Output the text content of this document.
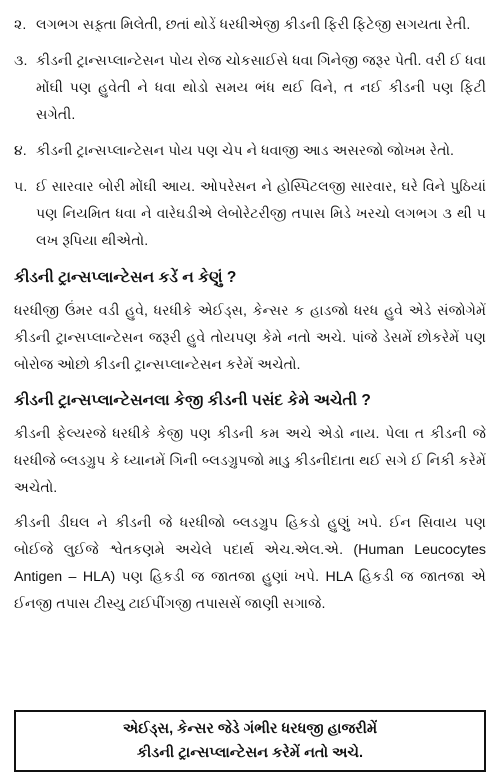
૨. લગભગ સફ઼્તા મિલેતી, છતાં થોડેં ધરધીએજી કીડની ફિરી ફિટેજી સગયતા રેતી.
૩. કીડની ટ્રાન્સપ્લાન્ટેસન પોય રોજ ચોકસાઈસે ધવા ગિનેજી જરૂર પેતી. વરી ઈ ધવા મોંઘી પણ હુવેતી ને ધવા થોડો સમય ભંધ થઈ વિને, ત નઈ કીડની પણ ફિટી સગેતી.
૪. કીડની ટ્રાન્સપ્લાન્ટેસન પોય પણ ચેપ ને ધવાજી આડ અસરજો જોખમ રેતો.
૫. ઈ સારવાર બોરી મોંઘી આય. ઓપરેસન ને હોસ્પિટલજી સારવાર, ઘરે વિને પુઠિયાં પણ નિયમિત ધવા ને વારેઘડીએ લેબોરેટરીજી તપાસ મિડે ખરચો લગભગ ૩ થી ૫ લખ રૂપિયા થીએતો.
કીડની ટ્રાન્સપ્લાન્ટેસન કડેં ન કેણું ?

ધરધીજી ઉંમર વડી હુવે, ધરધીકે એઈડ્સ, કેન્સર ક હાડજો ધરધ હુવે એડે સંજોગેમેં કીડની ટ્રાન્સપ્લાન્ટેસન જરૂરી હુવે તોયપણ કેમે નતો અચે. પાંજે ડેસમેં છોકરેમેં પણ બોરોજ ઓછો કીડની ટ્રાન્સપ્લાન્ટેસન કરેમેં અચેતો.

કીડની ટ્રાન્સપ્લાન્ટેસનલા કેજી કીડની પસંદ કેમે અચેતી ?

કીડની ફેલ્યરજે ધરધીકે કેજી પણ કીડની કમ અચે એડો નાય. પેલા ત કીડની જે ધરધીજે બ્લડગ્રુપ કે ધ્યાનમેં ગિની બ્લડગ્રુપજો માડુ કીડનીદાતા થઈ સગે ઈ નિકી કરેમેં અચેતો.

કીડની ડીઘલ ને કીડની જે ધરધીજો બ્લડગ્રુપ હિકડો હુણું ખપે. ઈન સિવાય પણ બોઈજે લુઈજે શ્વેતકણમે અચેલે પદાર્થ એચ.એલ.એ. (Human Leucocytes Antigen – HLA) પણ હિકડી જ જાતજા હુણાં ખપે. HLA હિકડી જ જાતજા એ ઈનજી તપાસ ટીસ્યુ ટાઈપીંગજી તપાસસેં જાણી સગાજે.

એઈડ્સ, કેન્સર જેડે ગંભીર ધરધજી હાજરીમેં
કીડની ટ્રાન્સપ્લાન્ટેસન કરેમેં નતો અચે.
